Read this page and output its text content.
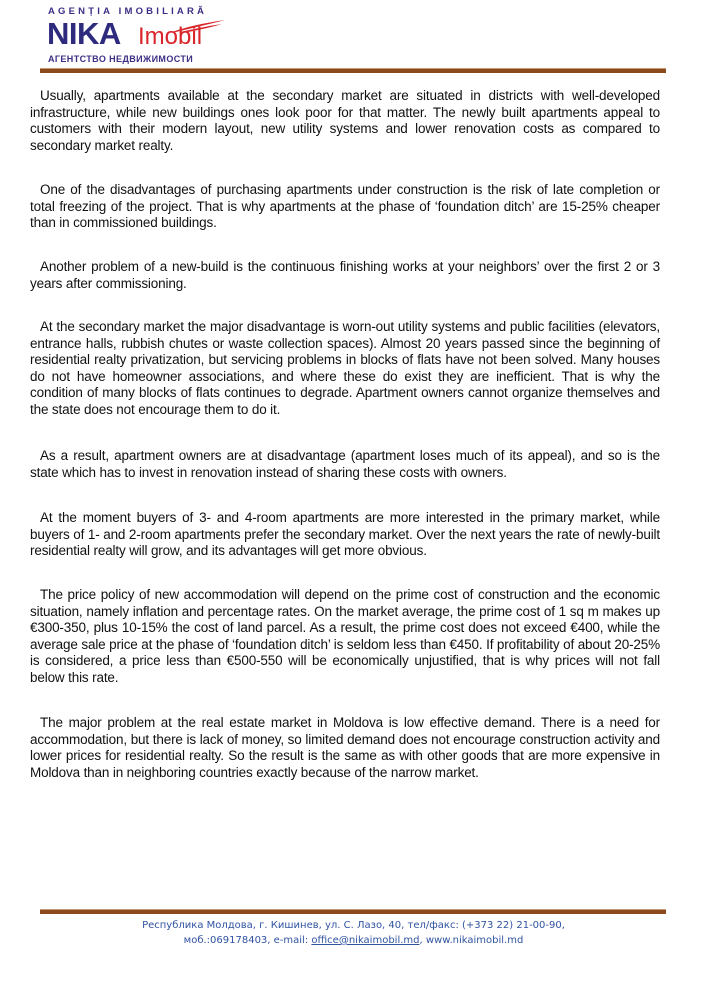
AGENȚIA IMOBILIARĂ
NIKA Imobil
АГЕНТСТВО НЕДВИЖИМОСТИ

Usually, apartments available at the secondary market are situated in districts with well-developed infrastructure, while new buildings ones look poor for that matter. The newly built apartments appeal to customers with their modern layout, new utility systems and lower renovation costs as compared to secondary market realty.

One of the disadvantages of purchasing apartments under construction is the risk of late completion or total freezing of the project. That is why apartments at the phase of ‘foundation ditch’ are 15-25% cheaper than in commissioned buildings.

Another problem of a new-build is the continuous finishing works at your neighbors’ over the first 2 or 3 years after commissioning.

At the secondary market the major disadvantage is worn-out utility systems and public facilities (elevators, entrance halls, rubbish chutes or waste collection spaces). Almost 20 years passed since the beginning of residential realty privatization, but servicing problems in blocks of flats have not been solved. Many houses do not have homeowner associations, and where these do exist they are inefficient. That is why the condition of many blocks of flats continues to degrade. Apartment owners cannot organize themselves and the state does not encourage them to do it.

As a result, apartment owners are at disadvantage (apartment loses much of its appeal), and so is the state which has to invest in renovation instead of sharing these costs with owners.

At the moment buyers of 3- and 4-room apartments are more interested in the primary market, while buyers of 1- and 2-room apartments prefer the secondary market. Over the next years the rate of newly-built residential realty will grow, and its advantages will get more obvious.

The price policy of new accommodation will depend on the prime cost of construction and the economic situation, namely inflation and percentage rates. On the market average, the prime cost of 1 sq m makes up €300-350, plus 10-15% the cost of land parcel. As a result, the prime cost does not exceed €400, while the average sale price at the phase of ‘foundation ditch’ is seldom less than €450. If profitability of about 20-25% is considered, a price less than €500-550 will be economically unjustified, that is why prices will not fall below this rate.

The major problem at the real estate market in Moldova is low effective demand. There is a need for accommodation, but there is lack of money, so limited demand does not encourage construction activity and lower prices for residential realty. So the result is the same as with other goods that are more expensive in Moldova than in neighboring countries exactly because of the narrow market.

Республика Молдова, г. Кишинев, ул. С. Лазо, 40, тел/факс: (+373 22) 21-00-90,
моб.:069178403, e-mail: office@nikaimobil.md, www.nikaimobil.md
